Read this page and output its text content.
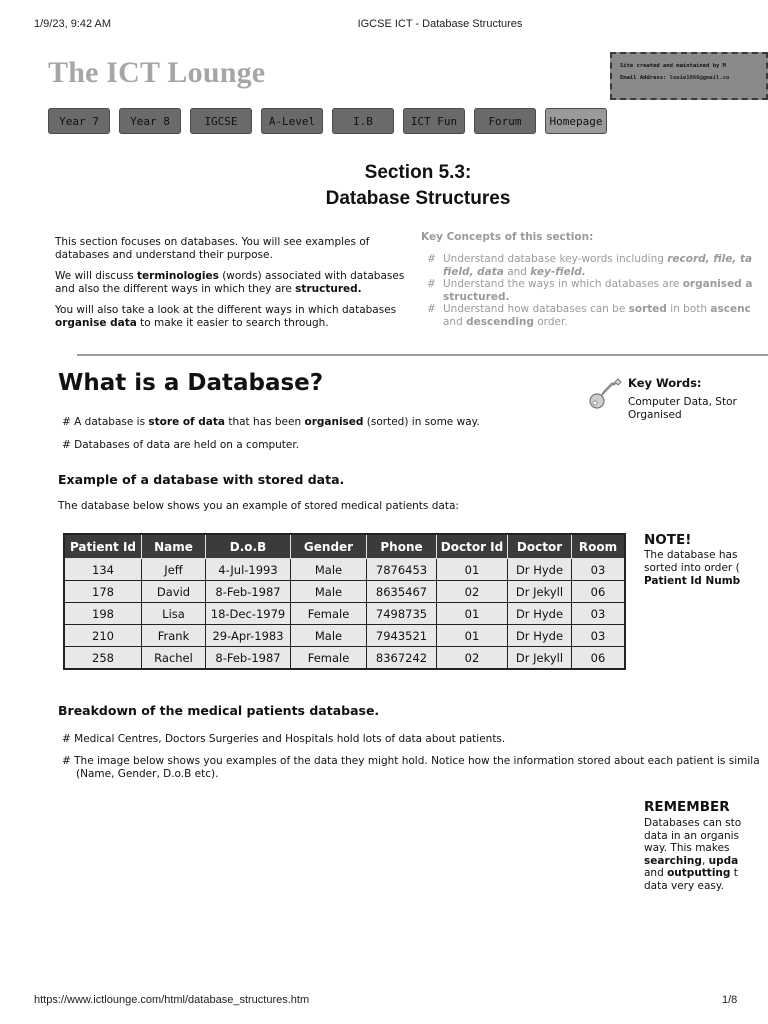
1/9/23, 9:42 AM	IGCSE ICT - Database Structures
The ICT Lounge	Site created and maintained by M
Email Address: louie1066@gmail.co
Year 7	Year 8	IGCSE	A-Level	I.B	ICT Fun	Forum	Homepage
Section 5.3:
Database Structures

This section focuses on databases. You will see examples of databases and understand their purpose.

We will discuss terminologies (words) associated with databases and also the different ways in which they are structured.

You will also take a look at the different ways in which databases organise data to make it easier to search through.

Key Concepts of this section:
# Understand database key-words including record, file, ta
field, data and key-field.
# Understand the ways in which databases are organised a
structured.
# Understand how databases can be sorted in both ascenc
and descending order.
What is a Database?	Key Words:
Computer Data, Stor
Organised
# A database is store of data that has been organised (sorted) in some way.
# Databases of data are held on a computer.
Example of a database with stored data.
The database below shows you an example of stored medical patients data:
Patient Id	Name	D.o.B	Gender	Phone	Doctor Id	Doctor	Room
134	Jeff	4-Jul-1993	Male	7876453	01	Dr Hyde	03
178	David	8-Feb-1987	Male	8635467	02	Dr Jekyll	06
198	Lisa	18-Dec-1979	Female	7498735	01	Dr Hyde	03
210	Frank	29-Apr-1983	Male	7943521	01	Dr Hyde	03
258	Rachel	8-Feb-1987	Female	8367242	02	Dr Jekyll	06
NOTE!
The database has
sorted into order (
Patient Id Numb
Breakdown of the medical patients database.
# Medical Centres, Doctors Surgeries and Hospitals hold lots of data about patients.
# The image below shows you examples of the data they might hold. Notice how the information stored about each patient is simila
(Name, Gender, D.o.B etc).
REMEMBER
Databases can sto
data in an organis
way. This makes
searching, upda
and outputting t
data very easy.
https://www.ictlounge.com/html/database_structures.htm	1/8
